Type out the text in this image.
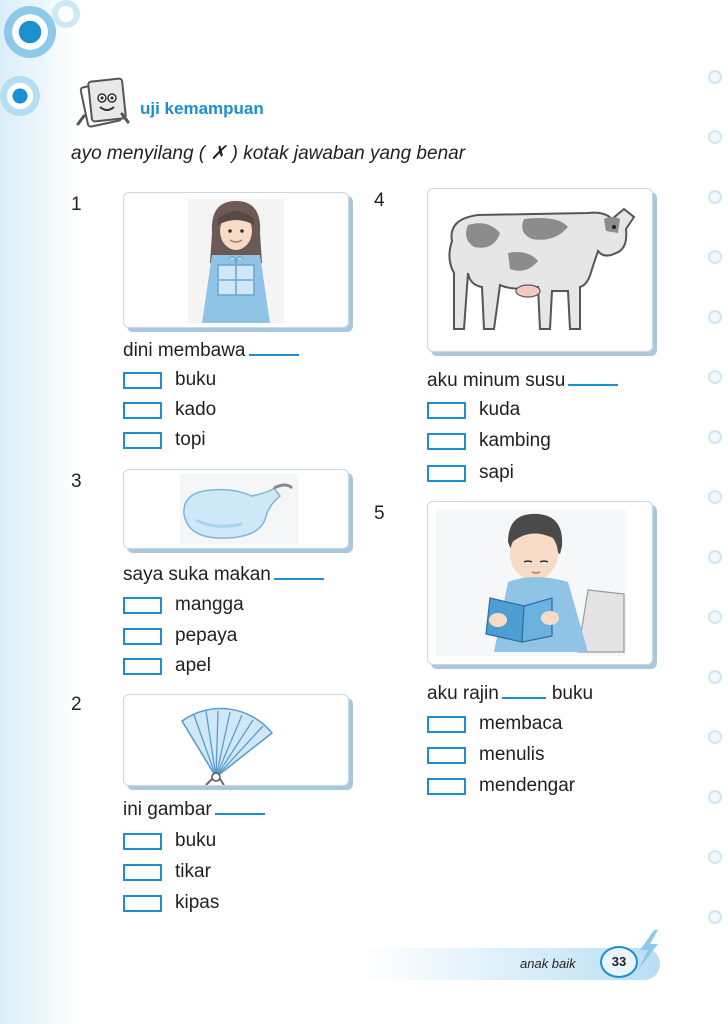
uji kemampuan
ayo menyilang ( ✗ ) kotak jawaban yang benar
1
dini membawa
buku
kado
topi
3
saya suka makan
mangga
pepaya
apel
2
ini gambar
buku
tikar
kipas
4
aku minum susu
kuda
kambing
sapi
5
aku rajin	buku
membaca
menulis
mendengar
anak baik	33
